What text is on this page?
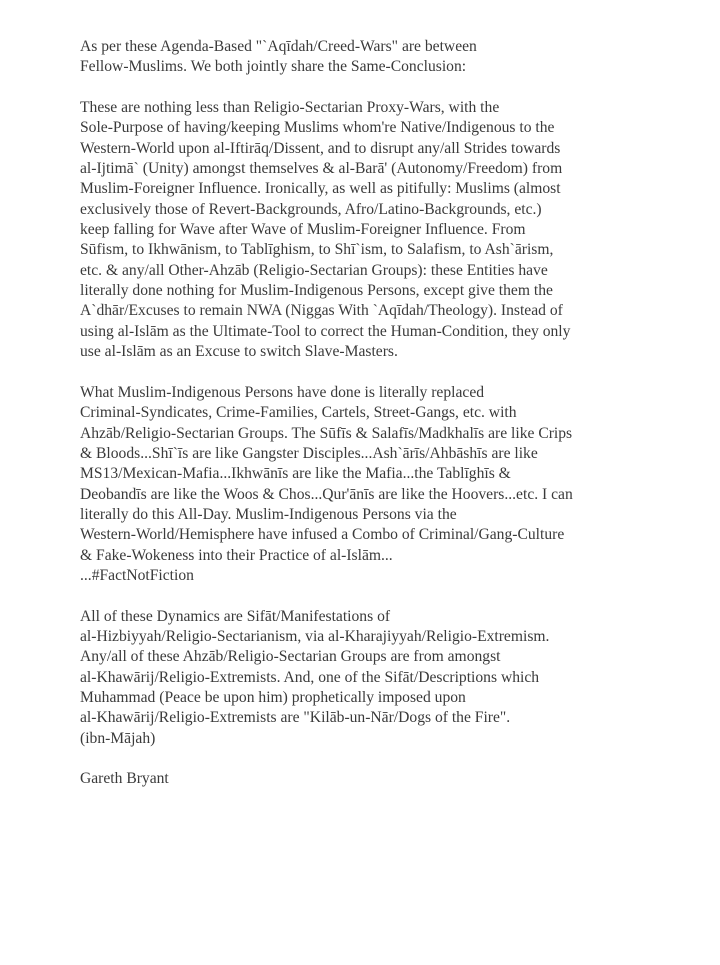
As per these Agenda-Based "ˋAqīdah/Creed-Wars" are between
Fellow-Muslims. We both jointly share the Same-Conclusion:

These are nothing less than Religio-Sectarian Proxy-Wars, with the
Sole-Purpose of having/keeping Muslims whom're Native/Indigenous to the
Western-World upon al-Iftirāq/Dissent, and to disrupt any/all Strides towards
al-Ijtimāˋ (Unity) amongst themselves & al-Barā' (Autonomy/Freedom) from
Muslim-Foreigner Influence. Ironically, as well as pitifully: Muslims (almost
exclusively those of Revert-Backgrounds, Afro/Latino-Backgrounds, etc.)
keep falling for Wave after Wave of Muslim-Foreigner Influence. From
Sūfism, to Ikhwānism, to Tablīghism, to Shīˋism, to Salafism, to Ashˋārism,
etc. & any/all Other-Ahzāb (Religio-Sectarian Groups): these Entities have
literally done nothing for Muslim-Indigenous Persons, except give them the
Aˋdhār/Excuses to remain NWA (Niggas With ˋAqīdah/Theology). Instead of
using al-Islām as the Ultimate-Tool to correct the Human-Condition, they only
use al-Islām as an Excuse to switch Slave-Masters.

What Muslim-Indigenous Persons have done is literally replaced
Criminal-Syndicates, Crime-Families, Cartels, Street-Gangs, etc. with
Ahzāb/Religio-Sectarian Groups. The Sūfīs & Salafīs/Madkhalīs are like Crips
& Bloods...Shīˋīs are like Gangster Disciples...Ashˋārīs/Ahbāshīs are like
MS13/Mexican-Mafia...Ikhwānīs are like the Mafia...the Tablīghīs &
Deobandīs are like the Woos & Chos...Qur'ānīs are like the Hoovers...etc. I can
literally do this All-Day. Muslim-Indigenous Persons via the
Western-World/Hemisphere have infused a Combo of Criminal/Gang-Culture
& Fake-Wokeness into their Practice of al-Islām...
...#FactNotFiction

All of these Dynamics are Sifāt/Manifestations of
al-Hizbiyyah/Religio-Sectarianism, via al-Kharajiyyah/Religio-Extremism.
Any/all of these Ahzāb/Religio-Sectarian Groups are from amongst
al-Khawārij/Religio-Extremists. And, one of the Sifāt/Descriptions which
Muhammad (Peace be upon him) prophetically imposed upon
al-Khawārij/Religio-Extremists are "Kilāb-un-Nār/Dogs of the Fire".
(ibn-Mājah)

Gareth Bryant
